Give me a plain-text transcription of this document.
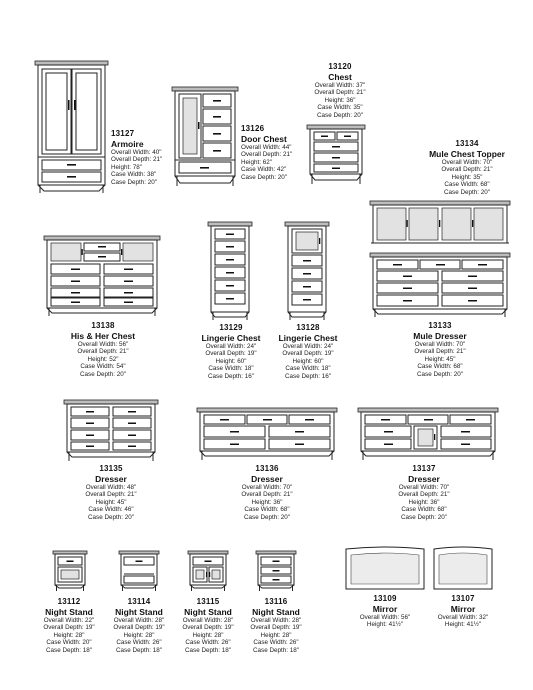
13127
Armoire
Overall Width: 40"
Overall Depth: 21"
Height: 78"
Case Width: 38"
Case Depth: 20"
13126
Door Chest
Overall Width: 44"
Overall Depth: 21"
Height: 62"
Case Width: 42"
Case Depth: 20"
13120
Chest
Overall Width: 37"
Overall Depth: 21"
Height: 36"
Case Width: 35"
Case Depth: 20"
13134
Mule Chest Topper
Overall Width: 70"
Overall Depth: 21"
Height: 35"
Case Width: 68"
Case Depth: 20"
13138
His & Her Chest
Overall Width: 56"
Overall Depth: 21"
Height: 52"
Case Width: 54"
Case Depth: 20"
13129
Lingerie Chest
Overall Width: 24"
Overall Depth: 19"
Height: 60"
Case Width: 18"
Case Depth: 16"
13128
Lingerie Chest
Overall Width: 24"
Overall Depth: 19"
Height: 60"
Case Width: 18"
Case Depth: 16"
13133
Mule Dresser
Overall Width: 70"
Overall Depth: 21"
Height: 45"
Case Width: 68"
Case Depth: 20"
13135
Dresser
Overall Width: 48"
Overall Depth: 21"
Height: 45"
Case Width: 46"
Case Depth: 20"
13136
Dresser
Overall Width: 70"
Overall Depth: 21"
Height: 36"
Case Width: 68"
Case Depth: 20"
13137
Dresser
Overall Width: 70"
Overall Depth: 21"
Height: 36"
Case Width: 68"
Case Depth: 20"
13112
Night Stand
Overall Width: 22"
Overall Depth: 19"
Height: 28"
Case Width: 20"
Case Depth: 18"
13114
Night Stand
Overall Width: 28"
Overall Depth: 19"
Height: 28"
Case Width: 26"
Case Depth: 18"
13115
Night Stand
Overall Width: 28"
Overall Depth: 19"
Height: 28"
Case Width: 26"
Case Depth: 18"
13116
Night Stand
Overall Width: 28"
Overall Depth: 19"
Height: 28"
Case Width: 26"
Case Depth: 18"
13109
Mirror
Overall Width: 56"
Height: 41½"
13107
Mirror
Overall Width: 32"
Height: 41½"
